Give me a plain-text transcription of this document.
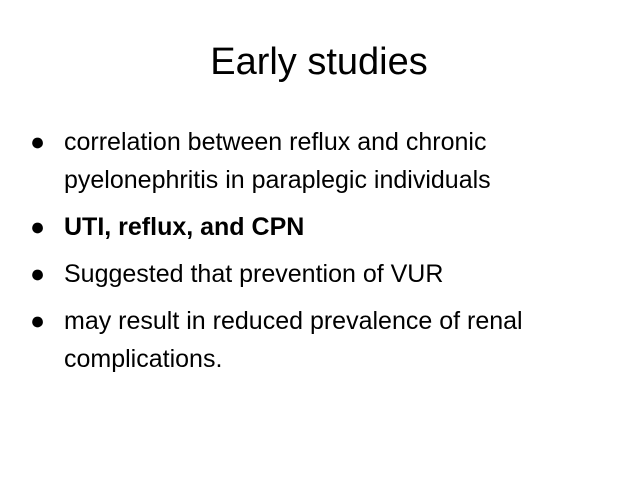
Early studies
● correlation between reflux and chronic pyelonephritis in paraplegic individuals
● UTI, reflux, and CPN
● Suggested that prevention of VUR
● may result in reduced prevalence of renal complications.
